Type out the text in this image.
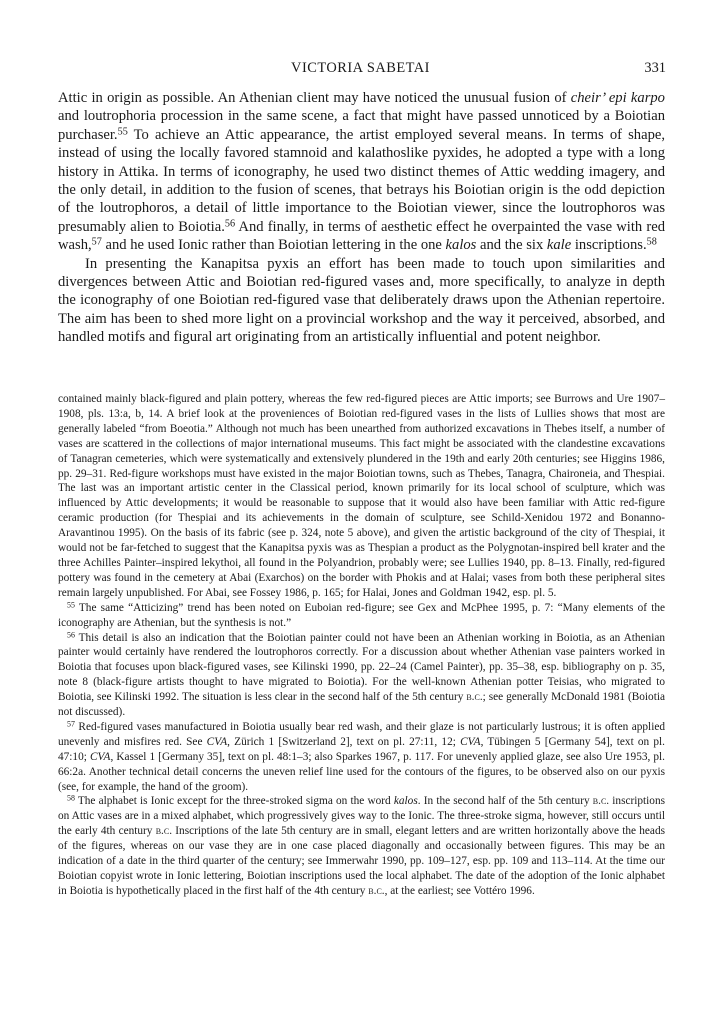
VICTORIA SABETAI	331

Attic in origin as possible. An Athenian client may have noticed the unusual fusion of cheir’ epi karpo and loutrophoria procession in the same scene, a fact that might have passed unnoticed by a Boiotian purchaser.$^{55}$ To achieve an Attic appearance, the artist employed several means. In terms of shape, instead of using the locally favored stamnoid and kalathoslike pyxides, he adopted a type with a long history in Attika. In terms of iconography, he used two distinct themes of Attic wedding imagery, and the only detail, in addition to the fusion of scenes, that betrays his Boiotian origin is the odd depiction of the loutrophoros, a detail of little importance to the Boiotian viewer, since the loutrophoros was presumably alien to Boiotia.$^{56}$ And finally, in terms of aesthetic effect he overpainted the vase with red wash,$^{57}$ and he used Ionic rather than Boiotian lettering in the one kalos and the six kale inscriptions.$^{58}$

In presenting the Kanapitsa pyxis an effort has been made to touch upon similarities and divergences between Attic and Boiotian red-figured vases and, more specifically, to analyze in depth the iconography of one Boiotian red-figured vase that deliberately draws upon the Athenian repertoire. The aim has been to shed more light on a provincial workshop and the way it perceived, absorbed, and handled motifs and figural art originating from an artistically influential and potent neighbor.

contained mainly black-figured and plain pottery, whereas the few red-figured pieces are Attic imports; see Burrows and Ure 1907–1908, pls. 13:a, b, 14. A brief look at the proveniences of Boiotian red-figured vases in the lists of Lullies shows that most are generally labeled “from Boeotia.” Although not much has been unearthed from authorized excavations in Thebes itself, a number of vases are scattered in the collections of major international museums. This fact might be associated with the clandestine excavations of Tanagran cemeteries, which were systematically and extensively plundered in the 19th and early 20th centuries; see Higgins 1986, pp. 29–31. Red-figure workshops must have existed in the major Boiotian towns, such as Thebes, Tanagra, Chaironeia, and Thespiai. The last was an important artistic center in the Classical period, known primarily for its local school of sculpture, which was influenced by Attic developments; it would be reasonable to suppose that it would also have been familiar with Attic red-figure ceramic production (for Thespiai and its achievements in the domain of sculpture, see Schild-Xenidou 1972 and Bonanno-Aravantinou 1995). On the basis of its fabric (see p. 324, note 5 above), and given the artistic background of the city of Thespiai, it would not be far-fetched to suggest that the Kanapitsa pyxis was as Thespian a product as the Polygnotan-inspired bell krater and the three Achilles Painter–inspired lekythoi, all found in the Polyandrion, probably were; see Lullies 1940, pp. 8–13. Finally, red-figured pottery was found in the cemetery at Abai (Exarchos) on the border with Phokis and at Halai; vases from both these peripheral sites remain largely unpublished. For Abai, see Fossey 1986, p. 165; for Halai, Jones and Goldman 1942, esp. pl. 5.

$^{55}$ The same “Atticizing” trend has been noted on Euboian red-figure; see Gex and McPhee 1995, p. 7: “Many elements of the iconography are Athenian, but the synthesis is not.”

$^{56}$ This detail is also an indication that the Boiotian painter could not have been an Athenian working in Boiotia, as an Athenian painter would certainly have rendered the loutrophoros correctly. For a discussion about whether Athenian vase painters worked in Boiotia that focuses upon black-figured vases, see Kilinski 1990, pp. 22–24 (Camel Painter), pp. 35–38, esp. bibliography on p. 35, note 8 (black-figure artists thought to have migrated to Boiotia). For the well-known Athenian potter Teisias, who migrated to Boiotia, see Kilinski 1992. The situation is less clear in the second half of the 5th century b.c.; see generally McDonald 1981 (Boiotia not discussed).

$^{57}$ Red-figured vases manufactured in Boiotia usually bear red wash, and their glaze is not particularly lustrous; it is often applied unevenly and misfires red. See CVA, Zürich 1 [Switzerland 2], text on pl. 27:11, 12; CVA, Tübingen 5 [Germany 54], text on pl. 47:10; CVA, Kassel 1 [Germany 35], text on pl. 48:1–3; also Sparkes 1967, p. 117. For unevenly applied glaze, see also Ure 1953, pl. 66:2a. Another technical detail concerns the uneven relief line used for the contours of the figures, to be observed also on our pyxis (see, for example, the hand of the groom).

$^{58}$ The alphabet is Ionic except for the three-stroked sigma on the word kalos. In the second half of the 5th century b.c. inscriptions on Attic vases are in a mixed alphabet, which progressively gives way to the Ionic. The three-stroke sigma, however, still occurs until the early 4th century b.c. Inscriptions of the late 5th century are in small, elegant letters and are written horizontally above the heads of the figures, whereas on our vase they are in one case placed diagonally and occasionally between figures. This may be an indication of a date in the third quarter of the century; see Immerwahr 1990, pp. 109–127, esp. pp. 109 and 113–114. At the time our Boiotian copyist wrote in Ionic lettering, Boiotian inscriptions used the local alphabet. The date of the adoption of the Ionic alphabet in Boiotia is hypothetically placed in the first half of the 4th century b.c., at the earliest; see Vottéro 1996.
